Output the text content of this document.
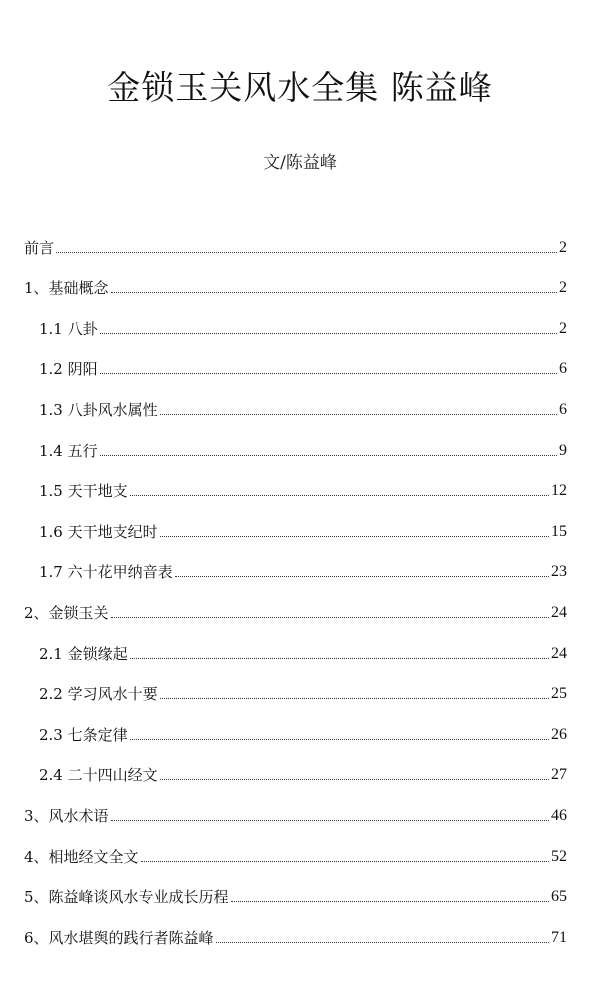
金锁玉关风水全集 陈益峰
文/陈益峰
前言	2
1、基础概念	2
1.1 八卦	2
1.2 阴阳	6
1.3 八卦风水属性	6
1.4 五行	9
1.5 天干地支	12
1.6 天干地支纪时	15
1.7 六十花甲纳音表	23
2、金锁玉关	24
2.1 金锁缘起	24
2.2 学习风水十要	25
2.3 七条定律	26
2.4 二十四山经文	27
3、风水术语	46
4、相地经文全文	52
5、陈益峰谈风水专业成长历程	65
6、风水堪舆的践行者陈益峰	71
